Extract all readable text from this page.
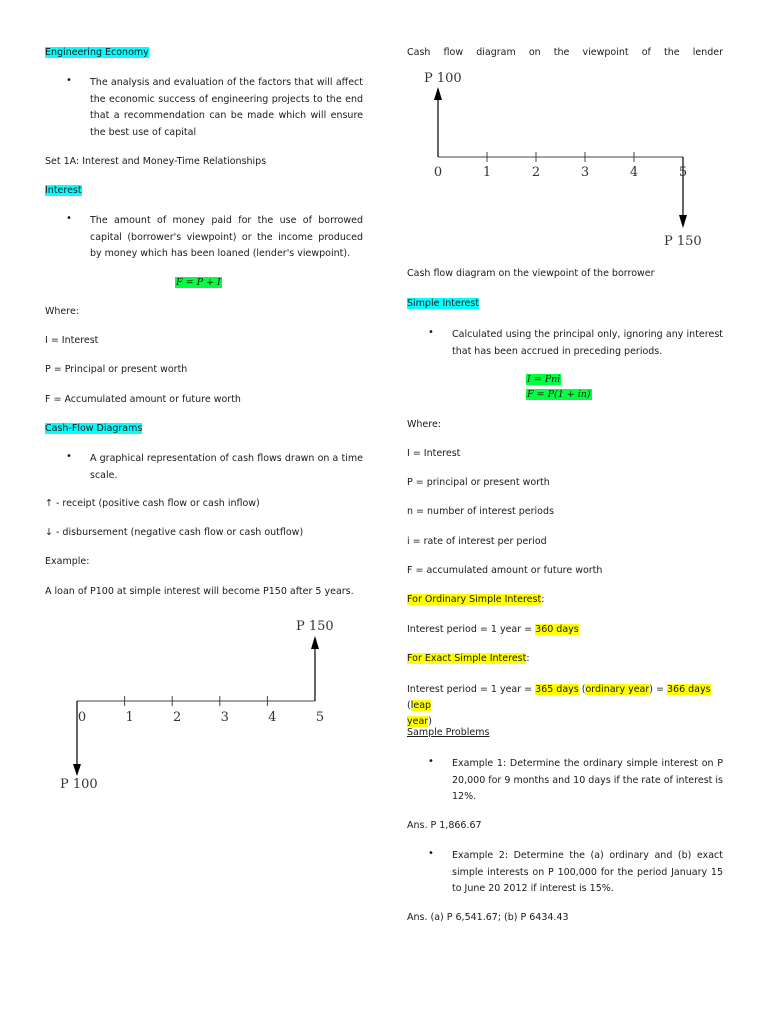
Engineering Economy

• The analysis and evaluation of the factors that will affect the economic success of engineering projects to the end that a recommendation can be made which will ensure the best use of capital

Set 1A: Interest and Money-Time Relationships

Interest

• The amount of money paid for the use of borrowed capital (borrower's viewpoint) or the income produced by money which has been loaned (lender's viewpoint).

F = P + I

Where:

I = Interest

P = Principal or present worth

F = Accumulated amount or future worth

Cash-Flow Diagrams

• A graphical representation of cash flows drawn on a time scale.

↑ - receipt (positive cash flow or cash inflow)

↓ - disbursement (negative cash flow or cash outflow)

Example:

A loan of P100 at simple interest will become P150 after 5 years.

0	1	2	3	4	5
P 150
P 100

Cash flow diagram on the viewpoint of the lender

Cash flow diagram on the viewpoint of the borrower

Simple Interest

• Calculated using the principal only, ignoring any interest that has been accrued in preceding periods.

I = Pni

F = P(1 + in)

Where:

I = Interest

P = principal or present worth

n = number of interest periods

i = rate of interest per period

F = accumulated amount or future worth

For Ordinary Simple Interest:

Interest period = 1 year = 360 days

For Exact Simple Interest:

Interest period = 1 year = 365 days (ordinary year) = 366 days (leap
year)

Sample Problems

• Example 1: Determine the ordinary simple interest on P 20,000 for 9 months and 10 days if the rate of interest is 12%.

Ans. P 1,866.67

• Example 2: Determine the (a) ordinary and (b) exact simple interests on P 100,000 for the period January 15 to June 20 2012 if interest is 15%.

Ans. (a) P 6,541.67; (b) P 6434.43

0	1	2	3	4	5
P 100
P 150
